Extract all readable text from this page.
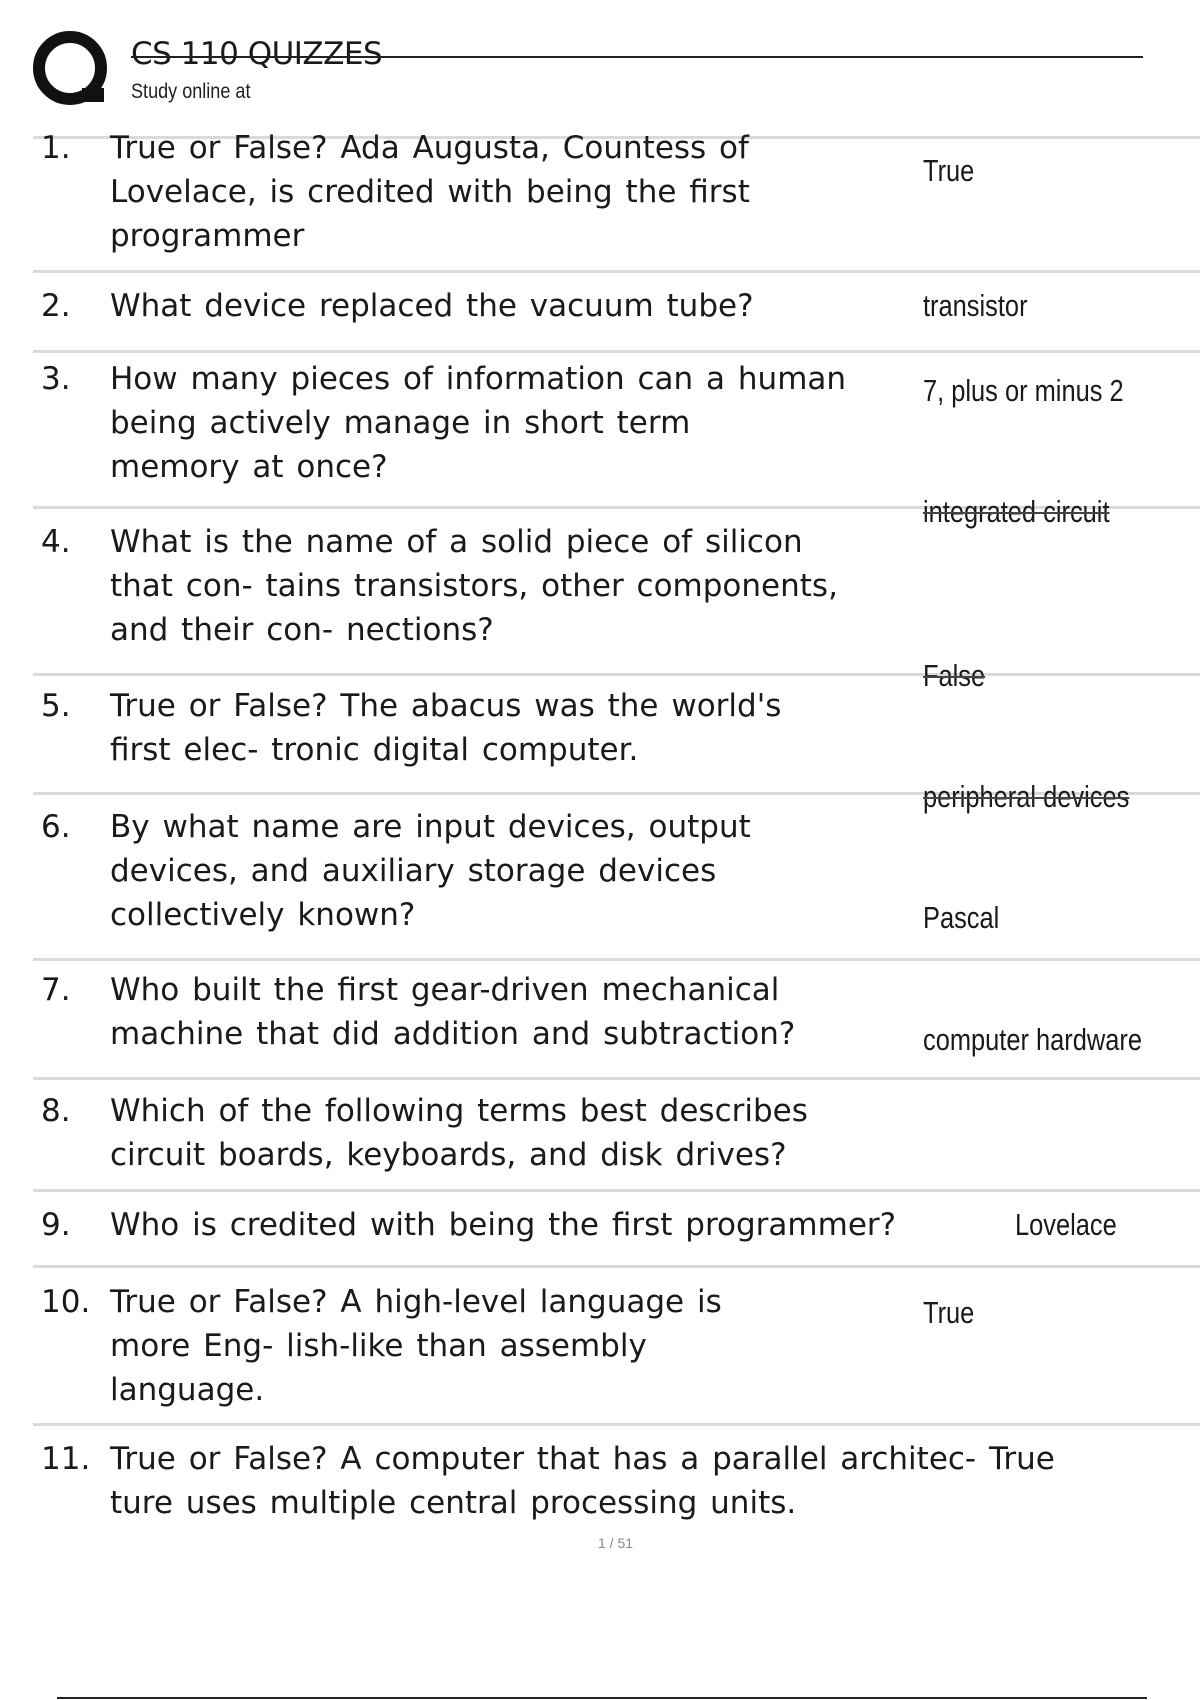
CS 110 QUIZZES
Study online at
1. True or False? Ada Augusta, Countess of
Lovelace, is credited with being the first
programmer
2. What device replaced the vacuum tube?
3. How many pieces of information can a human
being actively manage in short term
memory at once?
4. What is the name of a solid piece of silicon
that con- tains transistors, other components,
and their con- nections?
5. True or False? The abacus was the world's
first elec- tronic digital computer.
6. By what name are input devices, output
devices, and auxiliary storage devices
collectively known?
7. Who built the first gear-driven mechanical
machine that did addition and subtraction?
8. Which of the following terms best describes
circuit boards, keyboards, and disk drives?
9. Who is credited with being the first programmer?
10. True or False? A high-level language is
more Eng- lish-like than assembly
language.
11. True or False? A computer that has a parallel architec- True
ture uses multiple central processing units.
True
transistor
7, plus or minus 2
integrated circuit
False
peripheral devices
Pascal
computer hardware
Lovelace
True
1 / 51
